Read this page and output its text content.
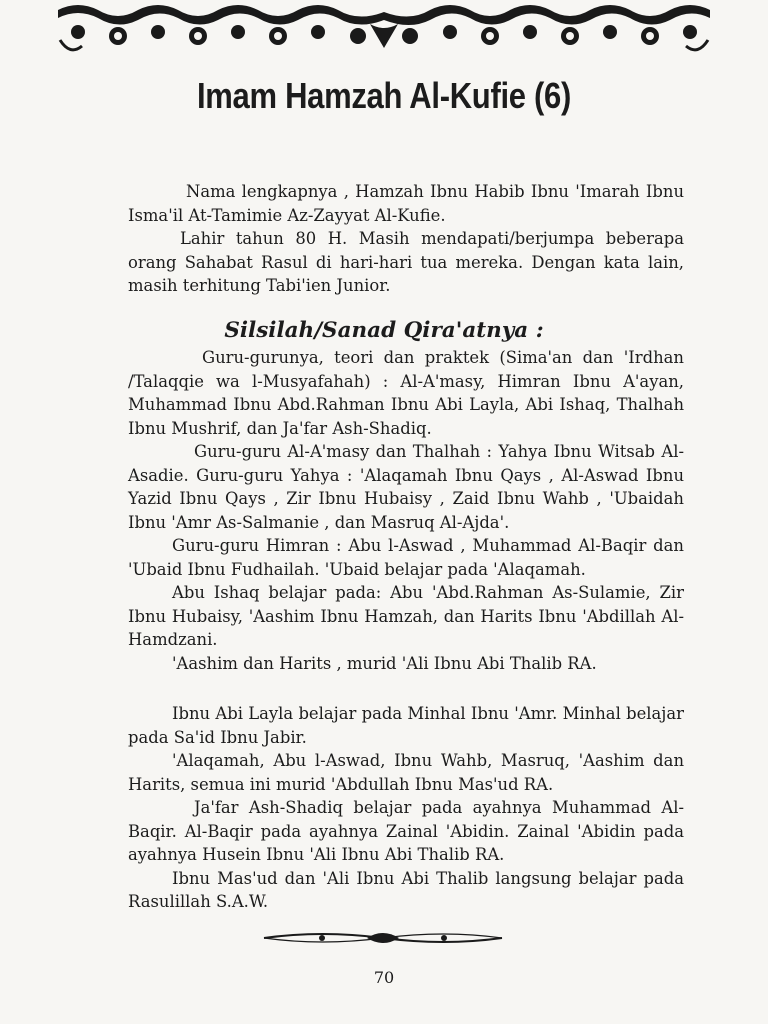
Imam Hamzah Al-Kufie (6)

Nama lengkapnya , Hamzah Ibnu Habib Ibnu 'Imarah Ibnu Isma'il At-Tamimie Az-Zayyat Al-Kufie.

Lahir tahun 80 H. Masih mendapati/berjumpa beberapa orang Sahabat Rasul di hari-hari tua mereka. Dengan kata lain, masih terhitung Tabi'ien Junior.

Silsilah/Sanad Qira'atnya :

Guru-gurunya, teori dan praktek (Sima'an dan 'Irdhan /Talaqqie wa l-Musyafahah) : Al-A'masy, Himran Ibnu A'ayan, Muhammad Ibnu Abd.Rahman Ibnu Abi Layla, Abi Ishaq, Thalhah Ibnu Mushrif, dan Ja'far Ash-Shadiq.

Guru-guru Al-A'masy dan Thalhah : Yahya Ibnu Witsab Al-Asadie. Guru-guru Yahya : 'Alaqamah Ibnu Qays , Al-Aswad Ibnu Yazid Ibnu Qays , Zir Ibnu Hubaisy , Zaid Ibnu Wahb , 'Ubaidah Ibnu 'Amr As-Salmanie , dan Masruq Al-Ajda'.

Guru-guru Himran : Abu l-Aswad , Muhammad Al-Baqir dan 'Ubaid Ibnu Fudhailah. 'Ubaid belajar pada 'Alaqamah.

Abu Ishaq belajar pada: Abu 'Abd.Rahman As-Sulamie, Zir Ibnu Hubaisy, 'Aashim Ibnu Hamzah, dan Harits Ibnu 'Abdillah Al-Hamdzani.

'Aashim dan Harits , murid 'Ali Ibnu Abi Thalib RA.

Ibnu Abi Layla belajar pada Minhal Ibnu 'Amr. Minhal belajar pada Sa'id Ibnu Jabir.

'Alaqamah, Abu l-Aswad, Ibnu Wahb, Masruq, 'Aashim dan Harits, semua ini murid 'Abdullah Ibnu Mas'ud RA.

Ja'far Ash-Shadiq belajar pada ayahnya Muhammad Al-Baqir. Al-Baqir pada ayahnya Zainal 'Abidin. Zainal 'Abidin pada ayahnya Husein Ibnu 'Ali Ibnu Abi Thalib RA.

Ibnu Mas'ud dan 'Ali Ibnu Abi Thalib langsung belajar pada Rasulillah S.A.W.

70
